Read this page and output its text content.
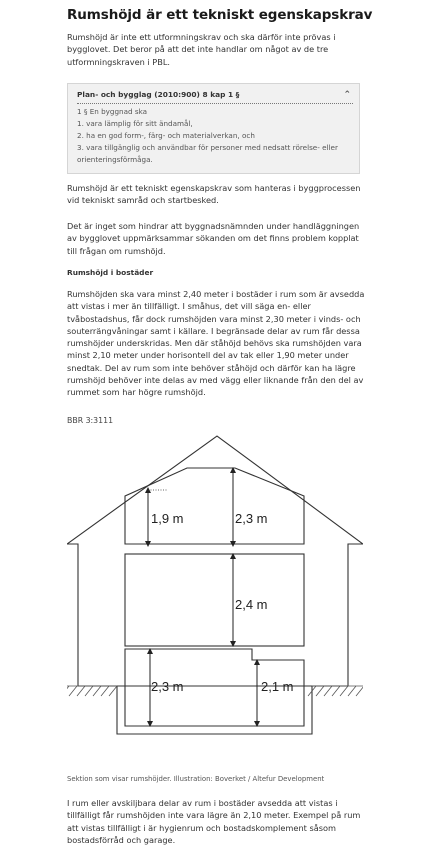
Rumshöjd är ett tekniskt egenskapskrav
Rumshöjd är inte ett utformningskrav och ska därför inte prövas i
bygglovet. Det beror på att det inte handlar om något av de tre
utformningskraven i PBL.
Plan- och bygglag (2010:900) 8 kap 1 §	⌃
1 § En byggnad ska
1. vara lämplig för sitt ändamål,
2. ha en god form-, färg- och materialverkan, och
3. vara tillgänglig och användbar för personer med nedsatt rörelse- eller
orienteringsförmåga.
Rumshöjd är ett tekniskt egenskapskrav som hanteras i byggprocessen
vid tekniskt samråd och startbesked.
Det är inget som hindrar att byggnadsnämnden under handläggningen
av bygglovet uppmärksammar sökanden om det finns problem kopplat
till frågan om rumshöjd.
Rumshöjd i bostäder
Rumshöjden ska vara minst 2,40 meter i bostäder i rum som är avsedda
att vistas i mer än tillfälligt. I småhus, det vill säga en- eller
tvåbostadshus, får dock rumshöjden vara minst 2,30 meter i vinds- och
souterrängvåningar samt i källare. I begränsade delar av rum får dessa
rumshöjder underskridas. Men där ståhöjd behövs ska rumshöjden vara
minst 2,10 meter under horisontell del av tak eller 1,90 meter under
snedtak. Del av rum som inte behöver ståhöjd och därför kan ha lägre
rumshöjd behöver inte delas av med vägg eller liknande från den del av
rummet som har högre rumshöjd.
BBR 3:3111
Sektion som visar rumshöjder. Illustration: Boverket / Altefur Development
I rum eller avskiljbara delar av rum i bostäder avsedda att vistas i
tillfälligt får rumshöjden inte vara lägre än 2,10 meter. Exempel på rum
att vistas tillfälligt i är hygienrum och bostadskomplement såsom
bostadsförråd och garage.
1,9 m	2,3 m
2,4 m
2,3 m	2,1 m
